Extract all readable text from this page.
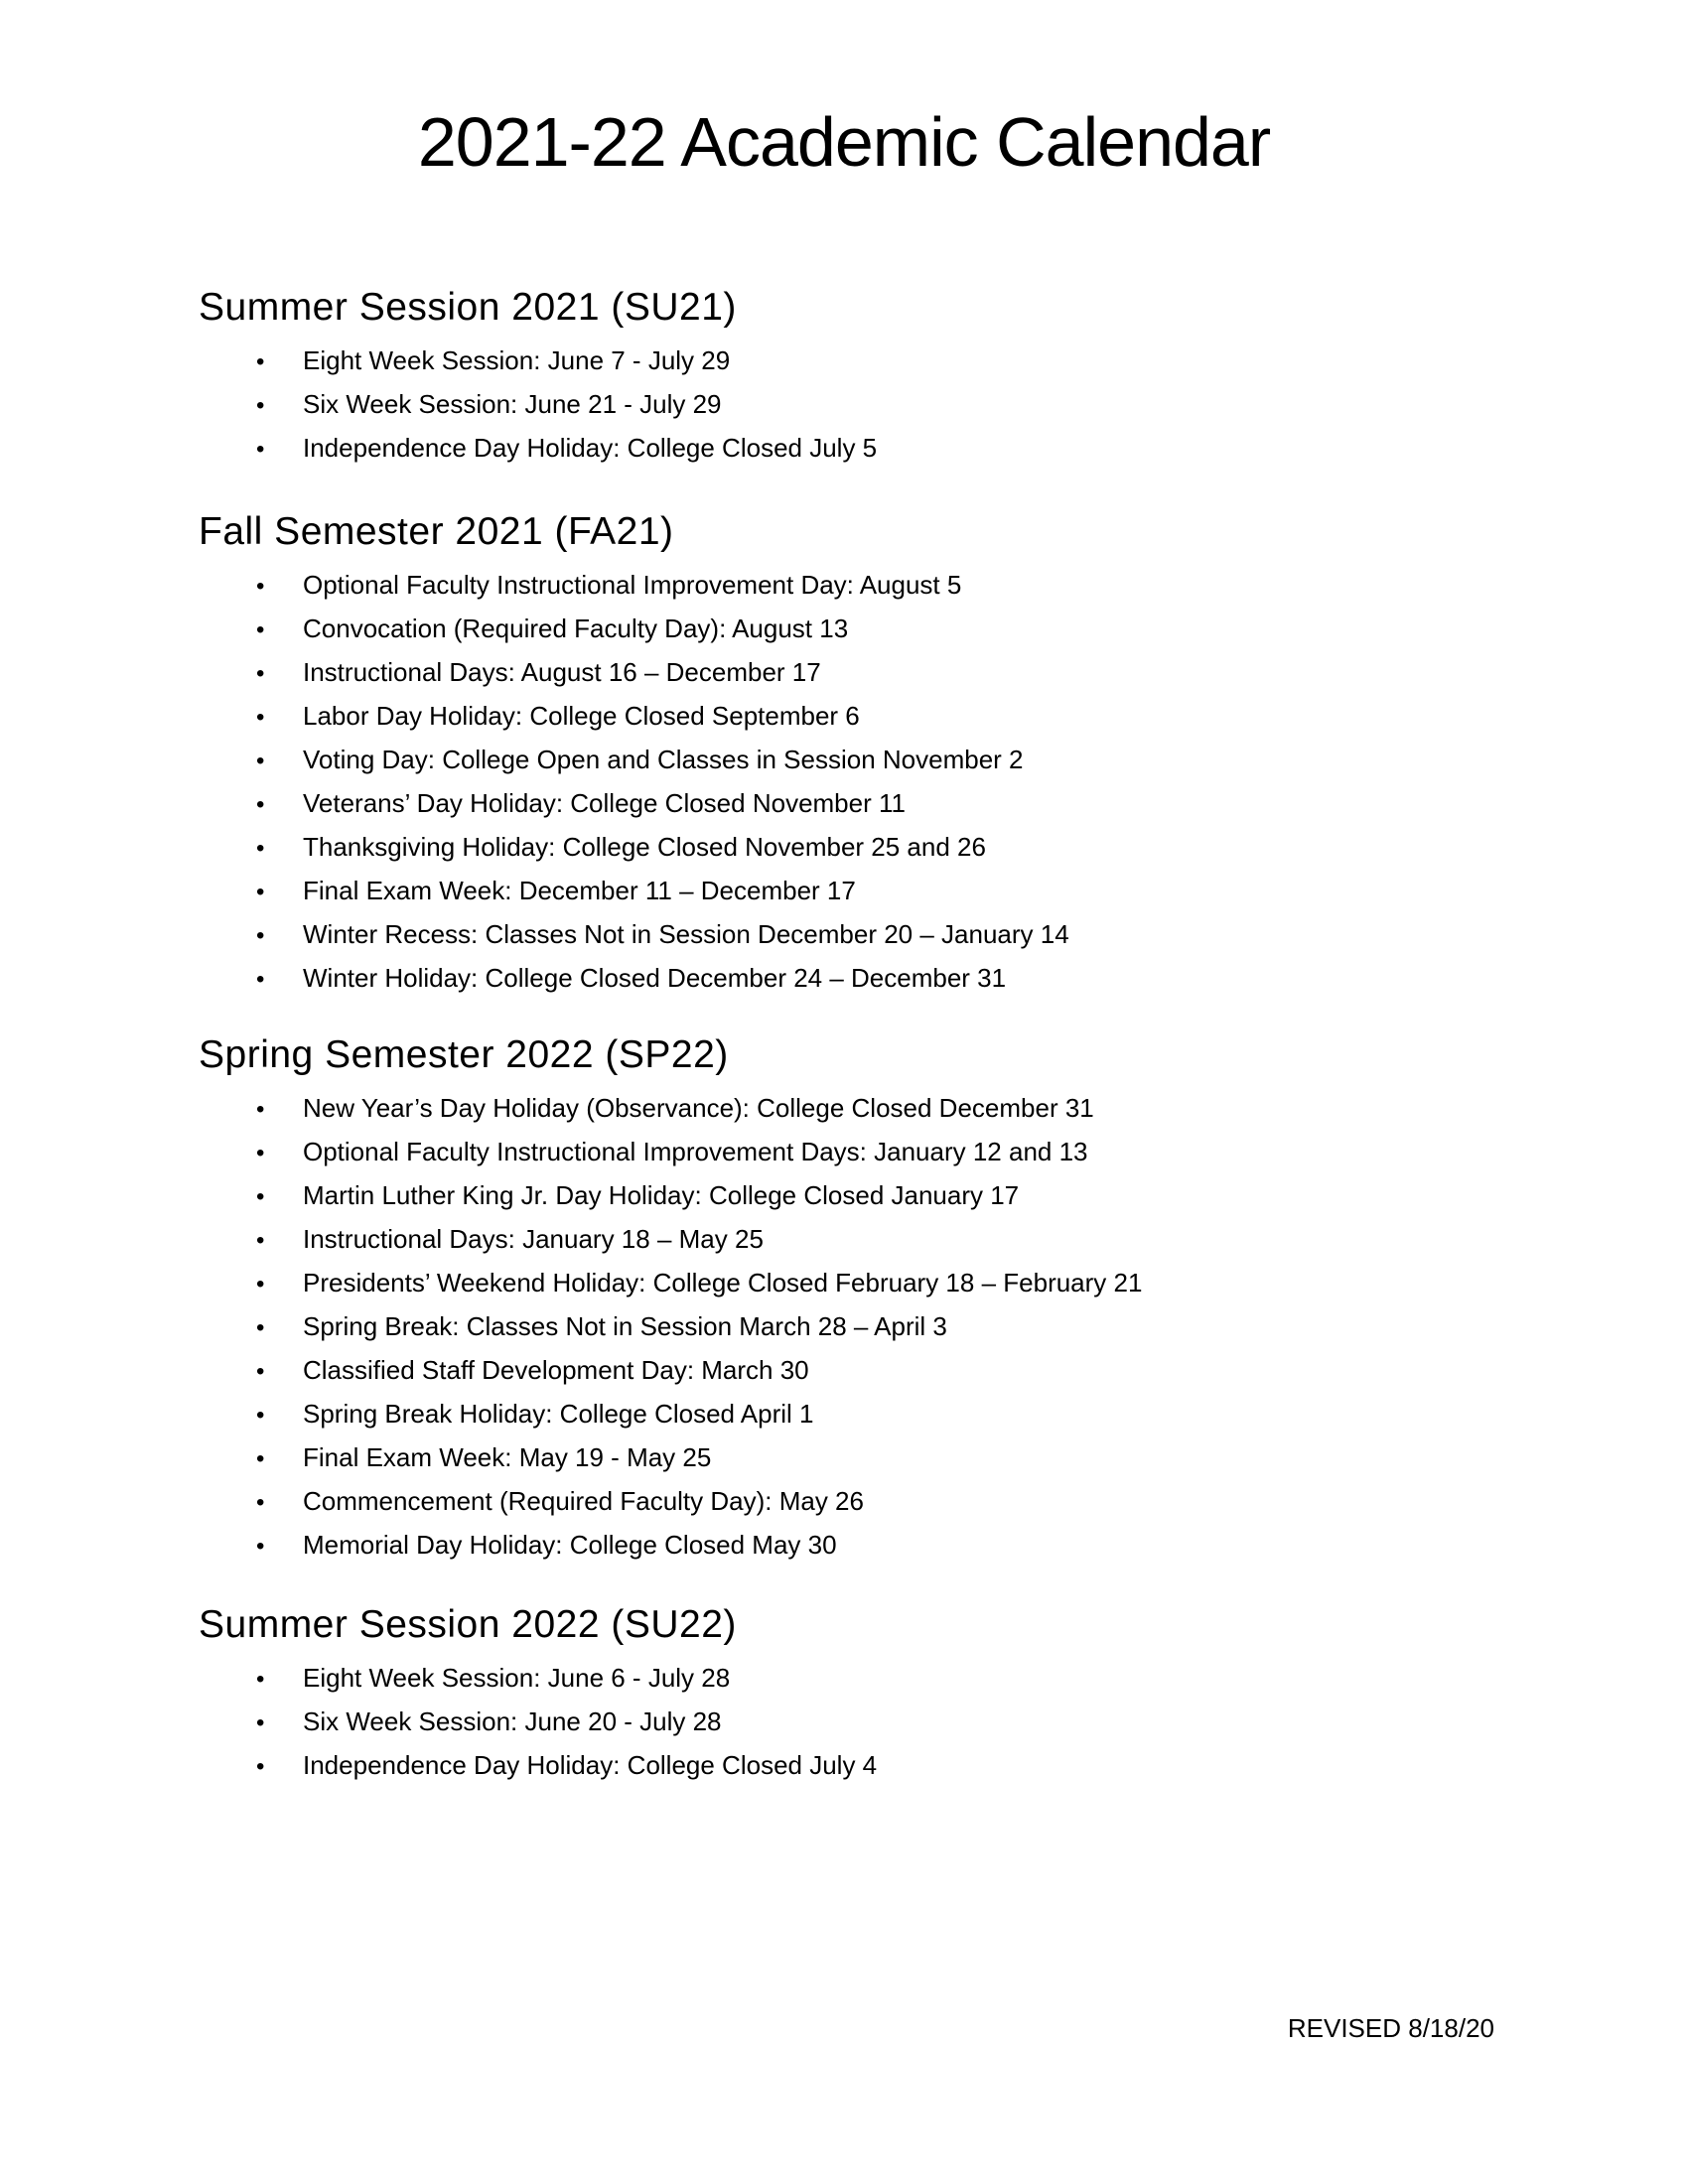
2021-22 Academic Calendar
Summer Session 2021 (SU21)
•	Eight Week Session: June 7 - July 29
•	Six Week Session: June 21 - July 29
•	Independence Day Holiday: College Closed July 5
Fall Semester 2021 (FA21)
•	Optional Faculty Instructional Improvement Day: August 5
•	Convocation (Required Faculty Day): August 13
•	Instructional Days: August 16 – December 17
•	Labor Day Holiday: College Closed September 6
•	Voting Day: College Open and Classes in Session November 2
•	Veterans’ Day Holiday: College Closed November 11
•	Thanksgiving Holiday: College Closed November 25 and 26
•	Final Exam Week: December 11 – December 17
•	Winter Recess: Classes Not in Session December 20 – January 14
•	Winter Holiday: College Closed December 24 – December 31
Spring Semester 2022 (SP22)
•	New Year’s Day Holiday (Observance): College Closed December 31
•	Optional Faculty Instructional Improvement Days: January 12 and 13
•	Martin Luther King Jr. Day Holiday: College Closed January 17
•	Instructional Days: January 18 – May 25
•	Presidents’ Weekend Holiday: College Closed February 18 – February 21
•	Spring Break: Classes Not in Session March 28 – April 3
•	Classified Staff Development Day: March 30
•	Spring Break Holiday: College Closed April 1
•	Final Exam Week: May 19 - May 25
•	Commencement (Required Faculty Day): May 26
•	Memorial Day Holiday: College Closed May 30
Summer Session 2022 (SU22)
•	Eight Week Session: June 6 - July 28
•	Six Week Session: June 20 - July 28
•	Independence Day Holiday: College Closed July 4
REVISED 8/18/20
